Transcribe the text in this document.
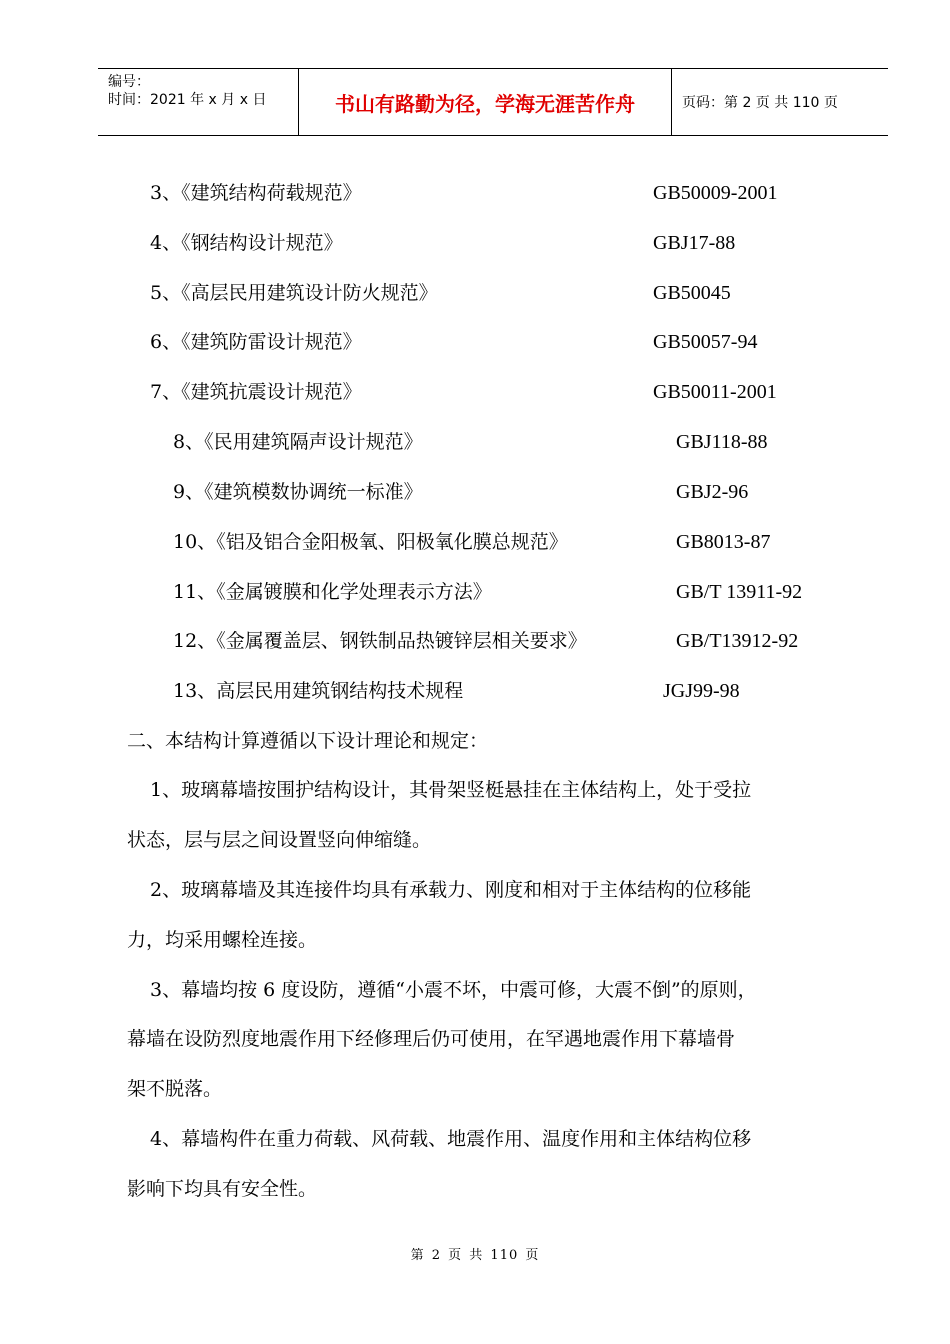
编号：
时间：2021 年 x 月 x 日	书山有路勤为径，学海无涯苦作舟	页码：第 2 页 共 110 页
3、《建筑结构荷载规范》	GB50009-2001
4、《钢结构设计规范》	GBJ17-88
5、《高层民用建筑设计防火规范》	GB50045
6、《建筑防雷设计规范》	GB50057-94
7、《建筑抗震设计规范》	GB50011-2001
8、《民用建筑隔声设计规范》	GBJ118-88
9、《建筑模数协调统一标准》	GBJ2-96
10、《铝及铝合金阳极氧、阳极氧化膜总规范》	GB8013-87
11、《金属镀膜和化学处理表示方法》	GB/T 13911-92
12、《金属覆盖层、钢铁制品热镀锌层相关要求》	GB/T13912-92
13、高层民用建筑钢结构技术规程	JGJ99-98
二、本结构计算遵循以下设计理论和规定：
1、玻璃幕墙按围护结构设计，其骨架竖梃悬挂在主体结构上，处于受拉
状态，层与层之间设置竖向伸缩缝。
2、玻璃幕墙及其连接件均具有承载力、刚度和相对于主体结构的位移能
力，均采用螺栓连接。
3、幕墙均按 6 度设防，遵循“小震不坏，中震可修，大震不倒”的原则，
幕墙在设防烈度地震作用下经修理后仍可使用，在罕遇地震作用下幕墙骨
架不脱落。
4、幕墙构件在重力荷载、风荷载、地震作用、温度作用和主体结构位移
影响下均具有安全性。
第 2 页 共 110 页
